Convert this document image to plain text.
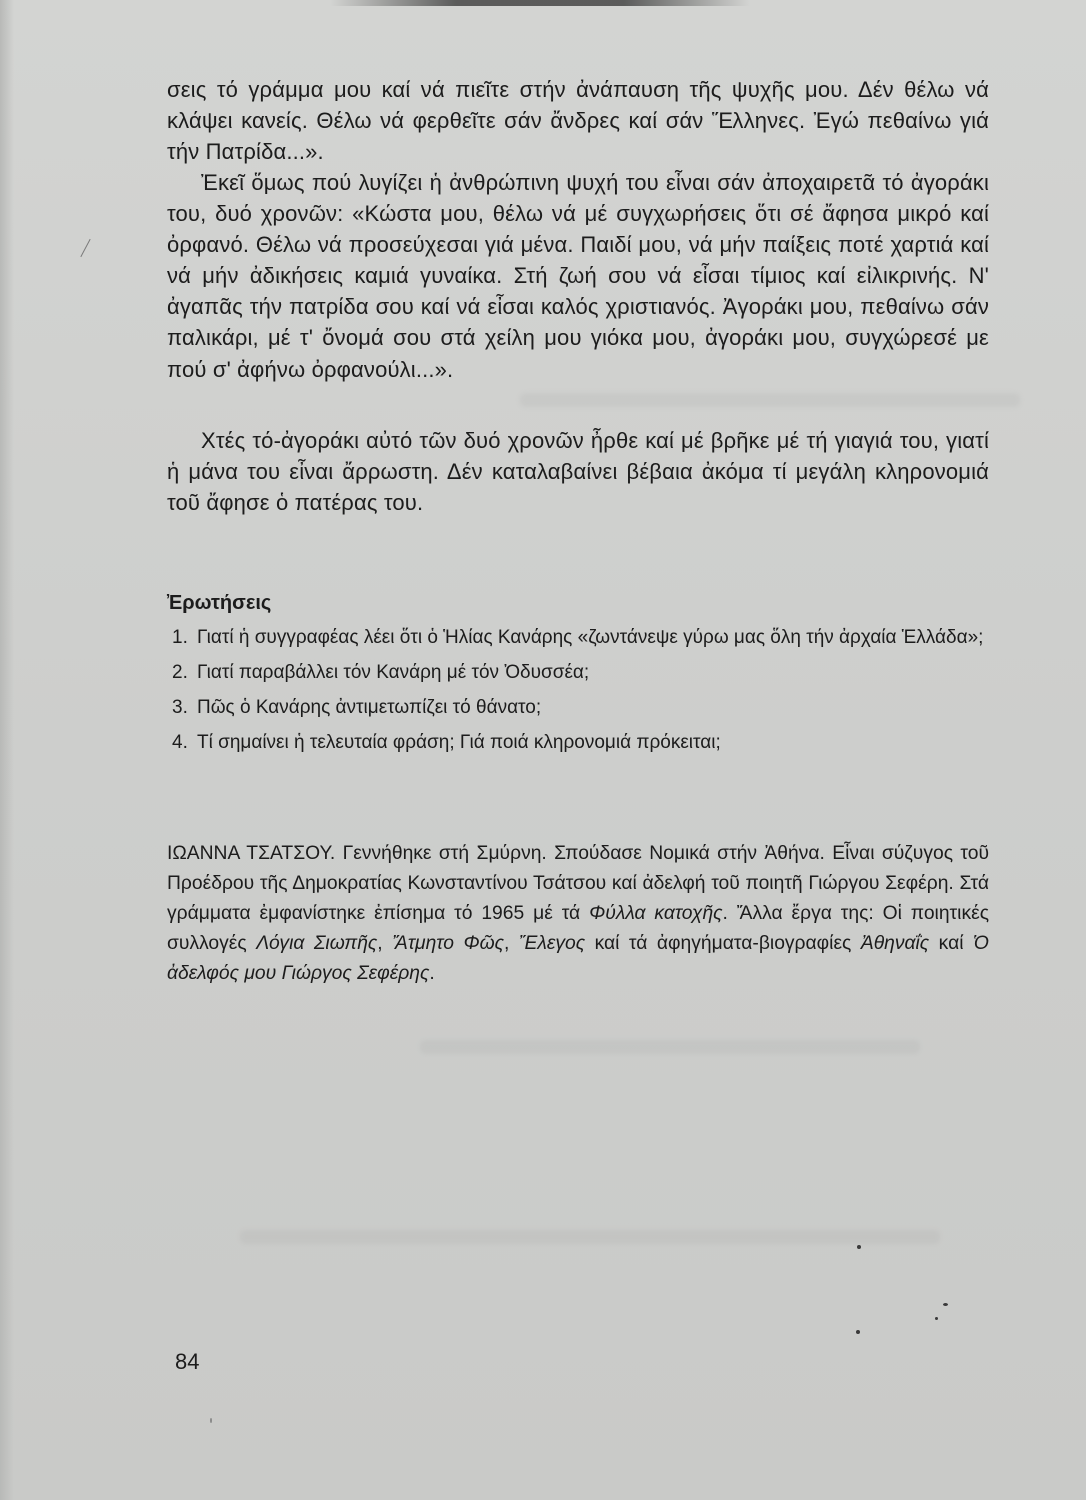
σεις τό γράμμα μου καί νά πιεῖτε στήν ἀνάπαυση τῆς ψυχῆς μου. Δέν θέλω νά κλάψει κανείς. Θέλω νά φερθεῖτε σάν ἄνδρες καί σάν Ἕλληνες. Ἐγώ πεθαίνω γιά τήν Πατρίδα...».

Ἐκεῖ ὅμως πού λυγίζει ἡ ἀνθρώπινη ψυχή του εἶναι σάν ἀποχαιρετᾶ τό ἀγοράκι του, δυό χρονῶν: «Κώστα μου, θέλω νά μέ συγχωρήσεις ὅτι σέ ἄφησα μικρό καί ὀρφανό. Θέλω νά προσεύχεσαι γιά μένα. Παιδί μου, νά μήν παίξεις ποτέ χαρτιά καί νά μήν ἀδικήσεις καμιά γυναίκα. Στή ζωή σου νά εἶσαι τίμιος καί εἰλικρινής. Ν' ἀγαπᾶς τήν πατρίδα σου καί νά εἶσαι καλός χριστιανός. Ἀγοράκι μου, πεθαίνω σάν παλικάρι, μέ τ' ὄνομά σου στά χείλη μου γιόκα μου, ἀγοράκι μου, συγχώρεσέ με πού σ' ἀφήνω ὀρφανούλι...».

Χτές τό-ἀγοράκι αὐτό τῶν δυό χρονῶν ἦρθε καί μέ βρῆκε μέ τή γιαγιά του, γιατί ἡ μάνα του εἶναι ἄρρωστη. Δέν καταλαβαίνει βέβαια ἀκόμα τί μεγάλη κληρονομιά τοῦ ἄφησε ὁ πατέρας του.

Ἐρωτήσεις
1. Γιατί ἡ συγγραφέας λέει ὅτι ὁ Ἡλίας Κανάρης «ζωντάνεψε γύρω μας ὅλη τήν ἀρχαία Ἑλλάδα»;
2. Γιατί παραβάλλει τόν Κανάρη μέ τόν Ὀδυσσέα;
3. Πῶς ὁ Κανάρης ἀντιμετωπίζει τό θάνατο;
4. Τί σημαίνει ἡ τελευταία φράση; Γιά ποιά κληρονομιά πρόκειται;

ΙΩΑΝΝΑ ΤΣΑΤΣΟΥ. Γεννήθηκε στή Σμύρνη. Σπούδασε Νομικά στήν Ἀθήνα. Εἶναι σύζυγος τοῦ Προέδρου τῆς Δημοκρατίας Κωνσταντίνου Τσάτσου καί ἀδελφή τοῦ ποιητῆ Γιώργου Σεφέρη. Στά γράμματα ἐμφανίστηκε ἐπίσημα τό 1965 μέ τά Φύλλα κατοχῆς. Ἄλλα ἔργα της: Οἱ ποιητικές συλλογές Λόγια Σιωπῆς, Ἄτμητο Φῶς, Ἔλεγος καί τά ἀφηγήματα-βιογραφίες Ἀθηναΐς καί Ὁ ἀδελφός μου Γιώργος Σεφέρης.

84
